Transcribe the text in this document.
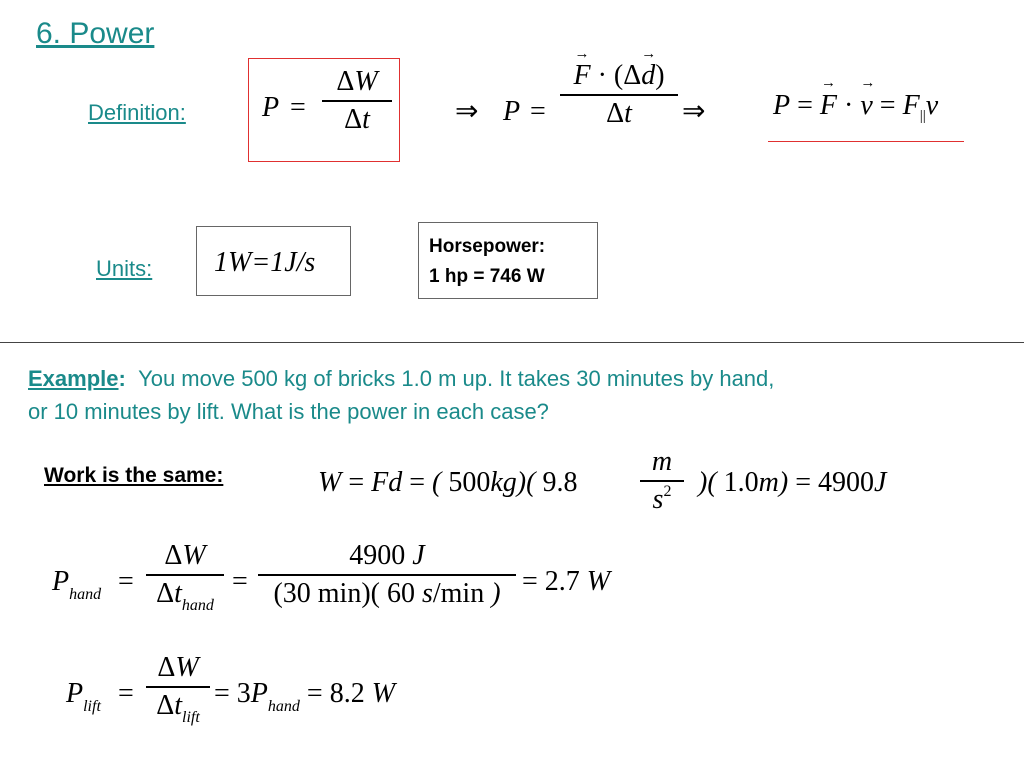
6. Power
Definition:	P =
ΔW
Δt	⇒ P =
→ F · (Δ→ d)
Δt	⇒ P = → F · → $v = F_{||}v$
Units: 1W=1J/s
Horsepower:
1 hp = 746 W
Example: You move 500 kg of bricks 1.0 m up. It takes 30 minutes by hand,
or 10 minutes by lift. What is the power in each case?
Work is the same:	W = Fd = ( 500kg)( 9.8
m
$s^2$ )( 1.0m) = 4900J
$P_{hand}$ =
ΔW
$\Delta t_{hand}$
=
4900 J
(30 min)( 60 s/min ) = 2.7 W
$P_{lift}$ =
ΔW
$\Delta t_{lift}$
= $3P_{hand} = 8.2$ W
